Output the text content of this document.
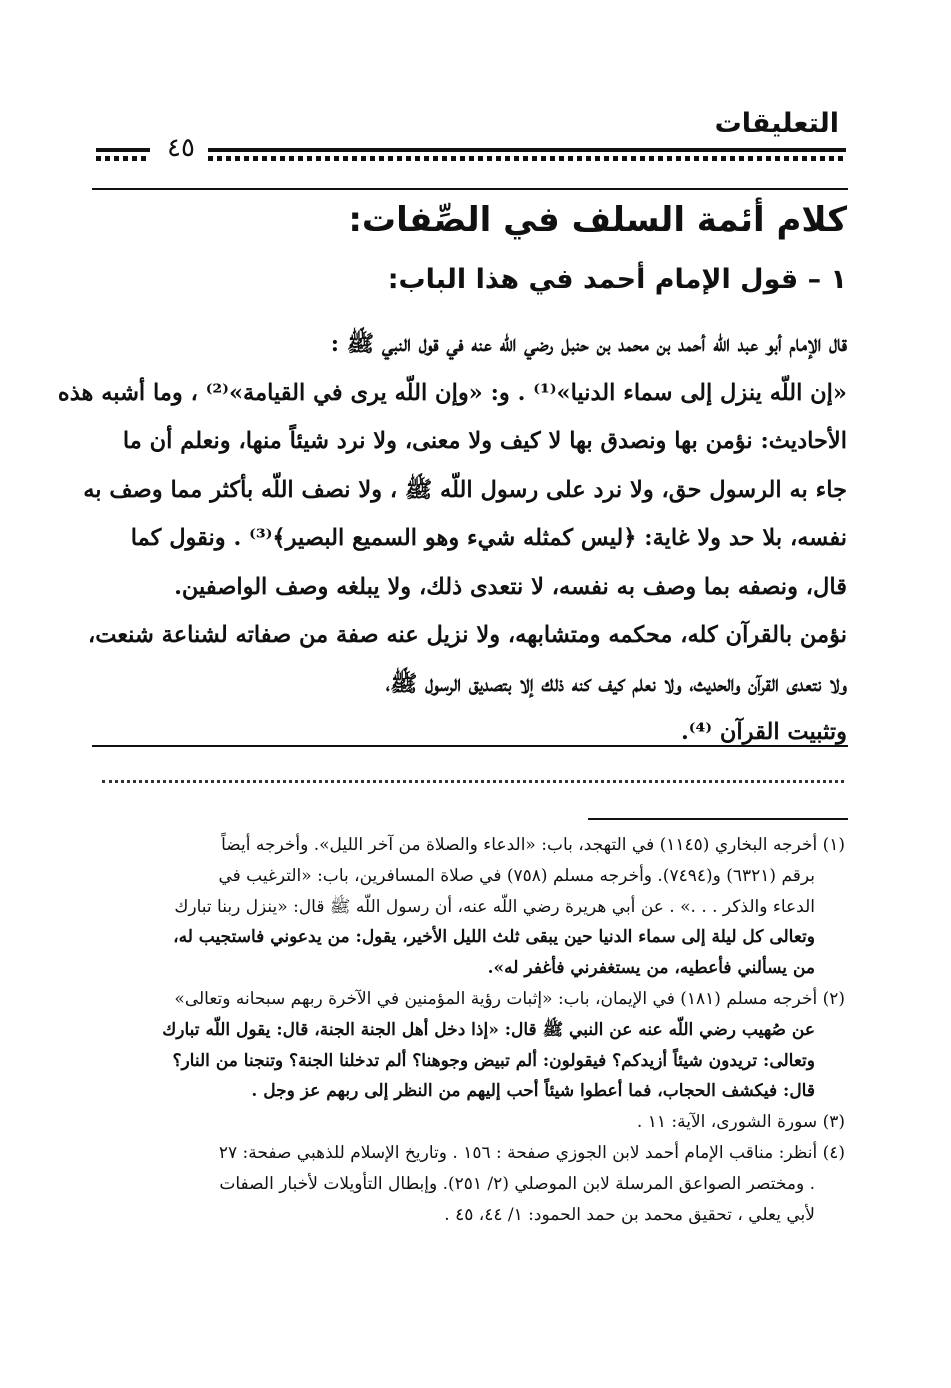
التعليقات
٤٥
كلام أئمة السلف في الصِّفات:
١ – قول الإمام أحمد في هذا الباب:
قال الإمام أبو عبد اللّه أحمد بن محمد بن حنبل رضي اللّه عنه في قول النبي ﷺ :
«إن اللّه ينزل إلى سماء الدنيا»⁽¹⁾ . و: «وإن اللّه يرى في القيامة»⁽²⁾ ، وما أشبه هذه
الأحاديث: نؤمن بها ونصدق بها لا كيف ولا معنى، ولا نرد شيئاً منها، ونعلم أن ما
جاء به الرسول حق، ولا نرد على رسول اللّه ﷺ ، ولا نصف اللّه بأكثر مما وصف به
نفسه، بلا حد ولا غاية: ﴿ليس كمثله شيء وهو السميع البصير﴾⁽³⁾ . ونقول كما
قال، ونصفه بما وصف به نفسه، لا نتعدى ذلك، ولا يبلغه وصف الواصفين.
نؤمن بالقرآن كله، محكمه ومتشابهه، ولا نزيل عنه صفة من صفاته لشناعة شنعت،
ولا نتعدى القرآن والحديث، ولا نعلم كيف كنه ذلك إلا بتصديق الرسول ﷺ،
وتثبيت القرآن ⁽⁴⁾.
(١) أخرجه البخاري (١١٤٥) في التهجد، باب: «الدعاء والصلاة من آخر الليل». وأخرجه أيضاً
برقم (٦٣٢١) و(٧٤٩٤). وأخرجه مسلم (٧٥٨) في صلاة المسافرين، باب: «الترغيب في
الدعاء والذكر . . .» . عن أبي هريرة رضي اللّه عنه، أن رسول اللّه ﷺ قال: «ينزل ربنا تبارك
وتعالى كل ليلة إلى سماء الدنيا حين يبقى ثلث الليل الأخير، يقول: من يدعوني فاستجيب له،
من يسألني فأعطيه، من يستغفرني فأغفر له».
(٢) أخرجه مسلم (١٨١) في الإيمان، باب: «إثبات رؤية المؤمنين في الآخرة ربهم سبحانه وتعالى»
عن صُهيب رضي اللّه عنه عن النبي ﷺ قال: «إذا دخل أهل الجنة الجنة، قال: يقول اللّه تبارك
وتعالى: تريدون شيئاً أزيدكم؟ فيقولون: ألم تبيض وجوهنا؟ ألم تدخلنا الجنة؟ وتنجنا من النار؟
قال: فيكشف الحجاب، فما أعطوا شيئاً أحب إليهم من النظر إلى ربهم عز وجل .
(٣) سورة الشورى، الآية: ١١ .
(٤) أنظر: مناقب الإمام أحمد لابن الجوزي صفحة : ١٥٦ . وتاريخ الإسلام للذهبي صفحة: ٢٧
. ومختصر الصواعق المرسلة لابن الموصلي (٢/ ٢٥١). وإبطال التأويلات لأخبار الصفات
لأبي يعلي ، تحقيق محمد بن حمد الحمود: ١/ ٤٤، ٤٥ .
